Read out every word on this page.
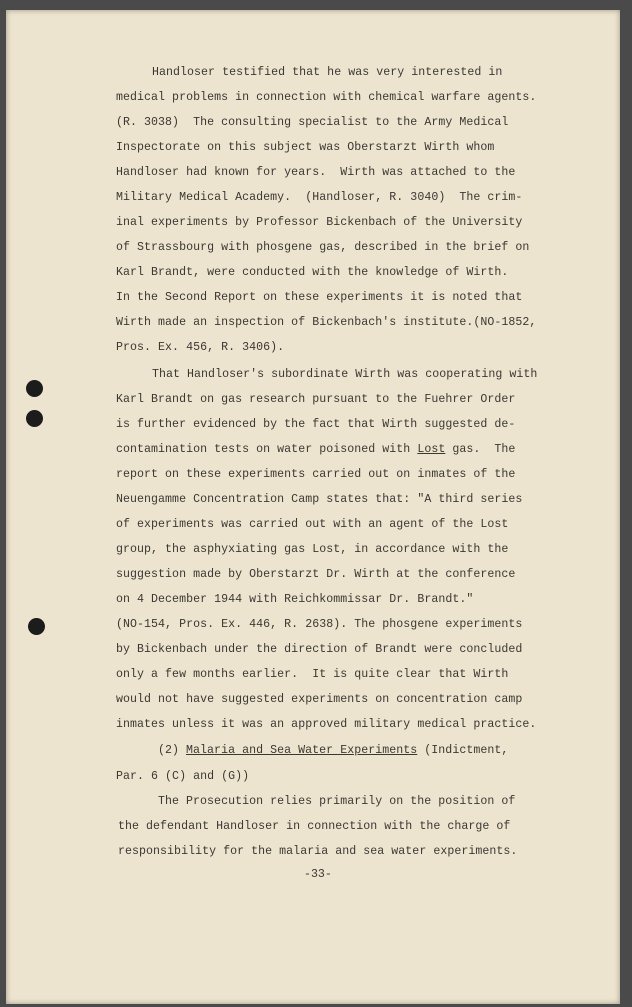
Handloser testified that he was very interested in
medical problems in connection with chemical warfare agents.
(R. 3038)  The consulting specialist to the Army Medical
Inspectorate on this subject was Oberstarzt Wirth whom
Handloser had known for years.  Wirth was attached to the
Military Medical Academy.  (Handloser, R. 3040)  The crim-
inal experiments by Professor Bickenbach of the University
of Strassbourg with phosgene gas, described in the brief on
Karl Brandt, were conducted with the knowledge of Wirth.
In the Second Report on these experiments it is noted that
Wirth made an inspection of Bickenbach's institute.(NO-1852,
Pros. Ex. 456, R. 3406).
That Handloser's subordinate Wirth was cooperating with
Karl Brandt on gas research pursuant to the Fuehrer Order
is further evidenced by the fact that Wirth suggested de-
contamination tests on water poisoned with Lost gas.  The
report on these experiments carried out on inmates of the
Neuengamme Concentration Camp states that: "A third series
of experiments was carried out with an agent of the Lost
group, the asphyxiating gas Lost, in accordance with the
suggestion made by Oberstarzt Dr. Wirth at the conference
on 4 December 1944 with Reichkommissar Dr. Brandt."
(NO-154, Pros. Ex. 446, R. 2638). The phosgene experiments
by Bickenbach under the direction of Brandt were concluded
only a few months earlier.  It is quite clear that Wirth
would not have suggested experiments on concentration camp
inmates unless it was an approved military medical practice.
(2) Malaria and Sea Water Experiments (Indictment,
Par. 6 (C) and (G))
The Prosecution relies primarily on the position of
the defendant Handloser in connection with the charge of
responsibility for the malaria and sea water experiments.
-33-
